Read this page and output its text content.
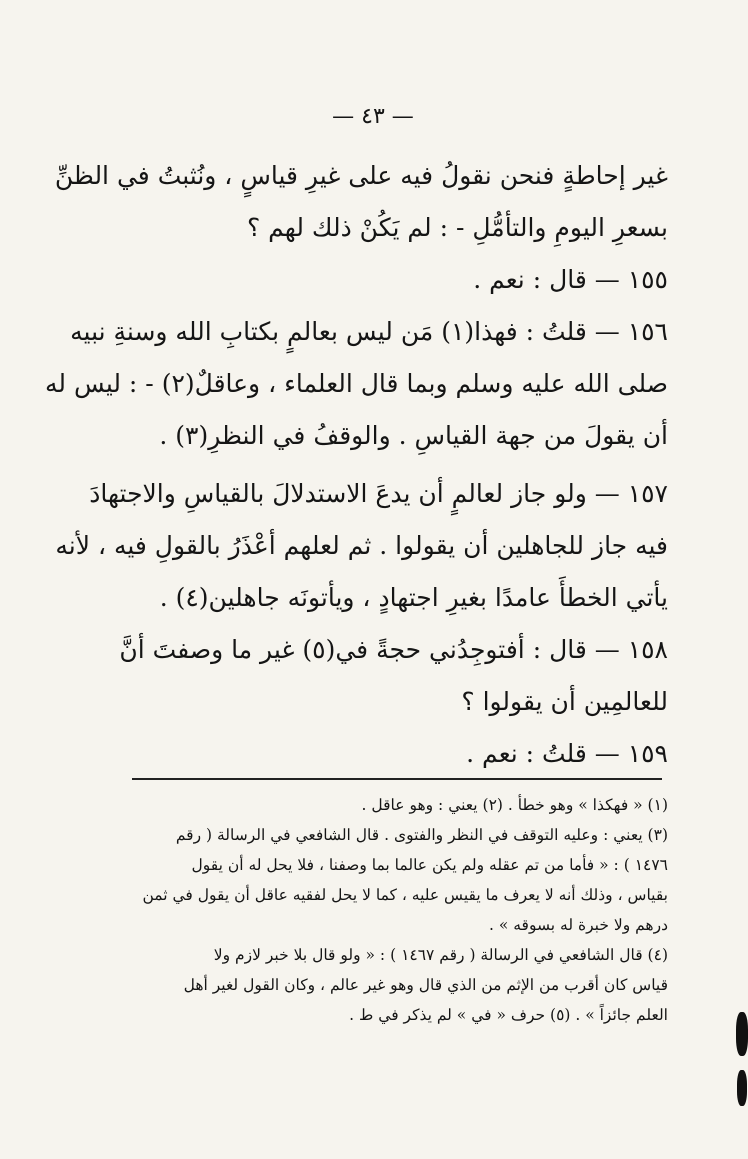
— ٤٣ —
غير إحاطةٍ فنحن نقولُ فيه على غيرِ قياسٍ ، ونُثبتُ في الظنِّ
بسعرِ اليومِ والتأمُّلِ - : لم يَكُنْ ذلك لهم ؟
١٥٥ — قال : نعم .
١٥٦ — قلتُ : فهذا(١) مَن ليس بعالمٍ بكتابِ الله وسنةِ نبيه
صلى الله عليه وسلم وبما قال العلماء ، وعاقلٌ(٢) - : ليس له
أن يقولَ من جهة القياسِ . والوقفُ في النظرِ(٣) .
١٥٧ — ولو جاز لعالمٍ أن يدعَ الاستدلالَ بالقياسِ والاجتهادَ
فيه جاز للجاهلين أن يقولوا . ثم لعلهم أعْذَرُ بالقولِ فيه ، لأنه
يأتي الخطأَ عامدًا بغيرِ اجتهادٍ ، ويأتونَه جاهلين(٤) .
١٥٨ — قال : أفتوجِدُني حجةً في(٥) غير ما وصفتَ أنَّ
للعالمِين أن يقولوا ؟
١٥٩ — قلتُ : نعم .
(١) « فهكذا » وهو خطأ . (٢) يعني : وهو عاقل .
(٣) يعني : وعليه التوقف في النظر والفتوى . قال الشافعي في الرسالة ( رقم
١٤٧٦ ) : « فأما من تم عقله ولم يكن عالما بما وصفنا ، فلا يحل له أن يقول
بقياس ، وذلك أنه لا يعرف ما يقيس عليه ، كما لا يحل لفقيه عاقل أن يقول في ثمن
درهم ولا خبرة له بسوقه » .
(٤) قال الشافعي في الرسالة ( رقم ١٤٦٧ ) : « ولو قال بلا خبر لازم ولا
قياس كان أقرب من الإثم من الذي قال وهو غير عالم ، وكان القول لغير أهل
العلم جائزاً » . (٥) حرف « في » لم يذكر في ط .
